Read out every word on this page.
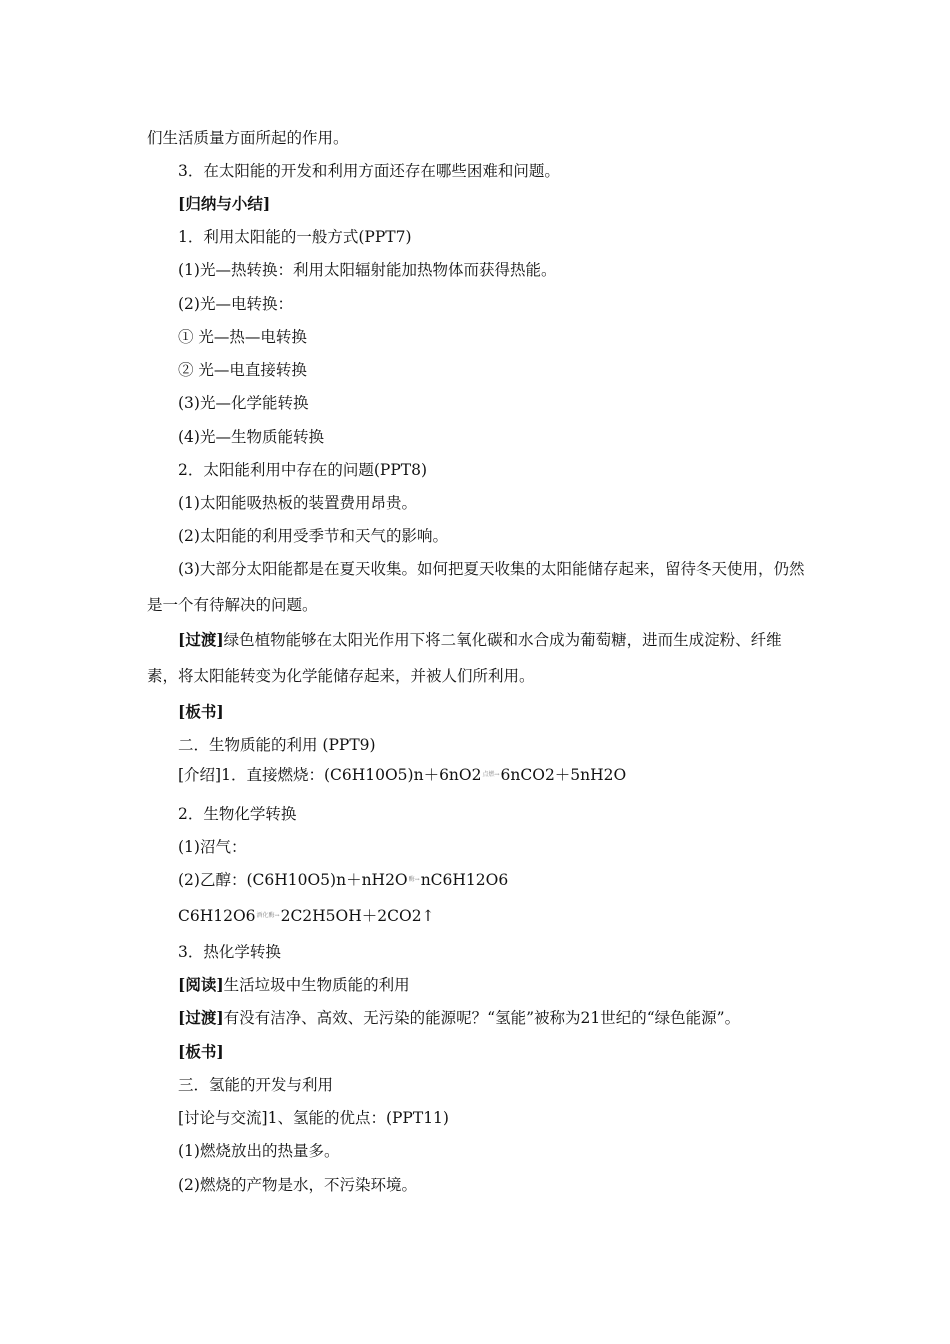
们生活质量方面所起的作用。
3．在太阳能的开发和利用方面还存在哪些困难和问题。
[归纳与小结]
1．利用太阳能的一般方式(PPT7)
(1)光—热转换：利用太阳辐射能加热物体而获得热能。
(2)光—电转换：
① 光—热—电转换
② 光—电直接转换
(3)光—化学能转换
(4)光—生物质能转换
2．太阳能利用中存在的问题(PPT8)
(1)太阳能吸热板的装置费用昂贵。
(2)太阳能的利用受季节和天气的影响。
(3)大部分太阳能都是在夏天收集。如何把夏天收集的太阳能储存起来，留待冬天使用，仍然是一个有待解决的问题。
[过渡]绿色植物能够在太阳光作用下将二氧化碳和水合成为葡萄糖，进而生成淀粉、纤维素，将太阳能转变为化学能储存起来，并被人们所利用。
[板书]
二．生物质能的利用 (PPT9)
[介绍]1．直接燃烧：(C6H10O5)n＋6nO2点燃→6nCO2＋5nH2O
2．生物化学转换
(1)沼气：
(2)乙醇：(C6H10O5)n＋nH2O酶→nC6H12O6
C6H12O6酒化酶→2C2H5OH＋2CO2↑
3．热化学转换
[阅读]生活垃圾中生物质能的利用
[过渡]有没有洁净、高效、无污染的能源呢？“氢能”被称为21世纪的“绿色能源”。
[板书]
三．氢能的开发与利用
[讨论与交流]1、氢能的优点：(PPT11)
(1)燃烧放出的热量多。
(2)燃烧的产物是水，不污染环境。
